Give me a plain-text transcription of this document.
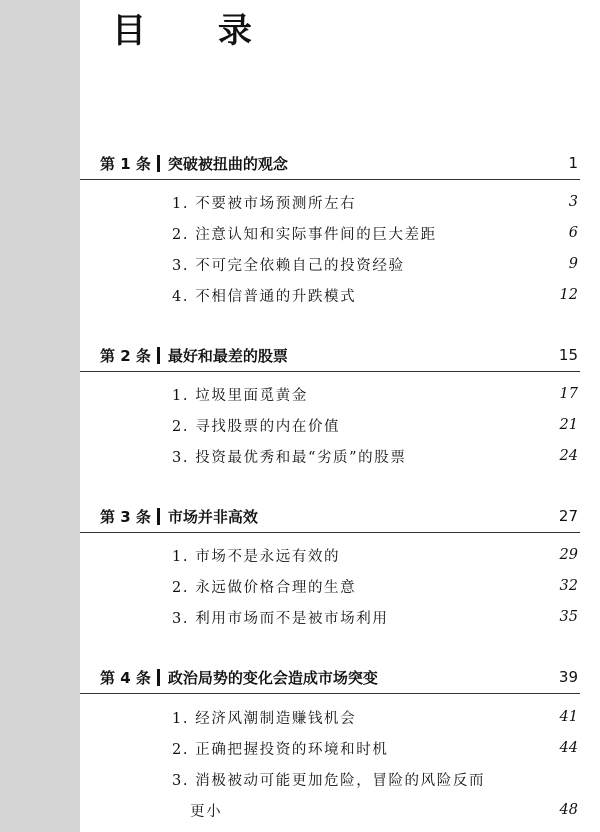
目 录
第 1 条 突破被扭曲的观念	1
1. 不要被市场预测所左右	3
2. 注意认知和实际事件间的巨大差距	6
3. 不可完全依赖自己的投资经验	9
4. 不相信普通的升跌模式	12
第 2 条 最好和最差的股票	15
1. 垃圾里面觅黄金	17
2. 寻找股票的内在价值	21
3. 投资最优秀和最“劣质”的股票	24
第 3 条 市场并非高效	27
1. 市场不是永远有效的	29
2. 永远做价格合理的生意	32
3. 利用市场而不是被市场利用	35
第 4 条 政治局势的变化会造成市场突变	39
1. 经济风潮制造赚钱机会	41
2. 正确把握投资的环境和时机	44
3. 消极被动可能更加危险，冒险的风险反而
更小	48
